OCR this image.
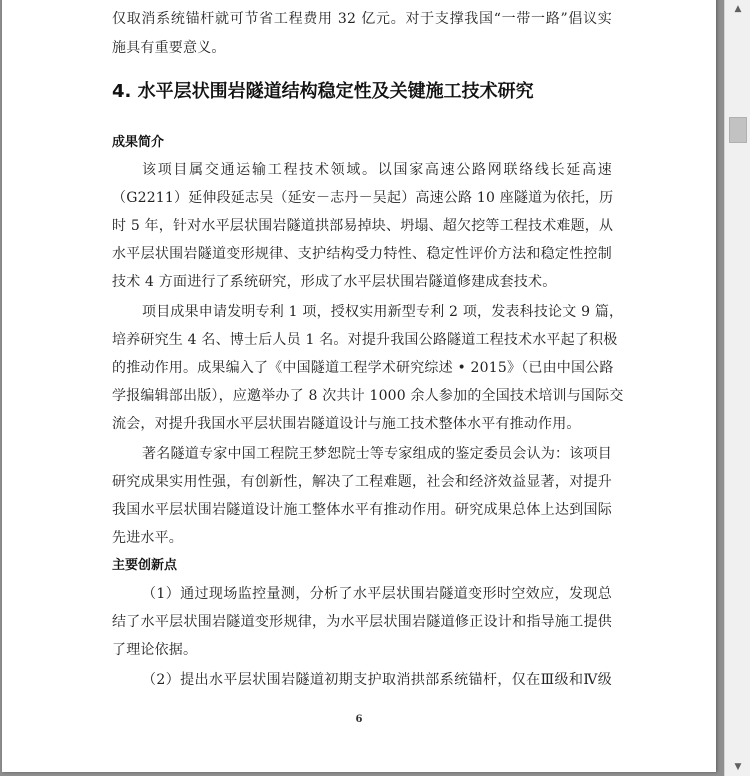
仅取消系统锚杆就可节省工程费用 32 亿元。对于支撑我国“一带一路”倡议实
施具有重要意义。
4. 水平层状围岩隧道结构稳定性及关键施工技术研究
成果简介
该项目属交通运输工程技术领域。以国家高速公路网联络线长延高速
（G2211）延伸段延志吴（延安－志丹－吴起）高速公路 10 座隧道为依托，历
时 5 年，针对水平层状围岩隧道拱部易掉块、坍塌、超欠挖等工程技术难题，从
水平层状围岩隧道变形规律、支护结构受力特性、稳定性评价方法和稳定性控制
技术 4 方面进行了系统研究，形成了水平层状围岩隧道修建成套技术。
项目成果申请发明专利 1 项，授权实用新型专利 2 项，发表科技论文 9 篇，
培养研究生 4 名、博士后人员 1 名。对提升我国公路隧道工程技术水平起了积极
的推动作用。成果编入了《中国隧道工程学术研究综述 • 2015》（已由中国公路
学报编辑部出版），应邀举办了 8 次共计 1000 余人参加的全国技术培训与国际交
流会，对提升我国水平层状围岩隧道设计与施工技术整体水平有推动作用。
著名隧道专家中国工程院王梦恕院士等专家组成的鉴定委员会认为：该项目
研究成果实用性强，有创新性，解决了工程难题，社会和经济效益显著，对提升
我国水平层状围岩隧道设计施工整体水平有推动作用。研究成果总体上达到国际
先进水平。
主要创新点
（1）通过现场监控量测，分析了水平层状围岩隧道变形时空效应，发现总
结了水平层状围岩隧道变形规律，为水平层状围岩隧道修正设计和指导施工提供
了理论依据。
（2）提出水平层状围岩隧道初期支护取消拱部系统锚杆，仅在Ⅲ级和Ⅳ级
6
▲
▼
